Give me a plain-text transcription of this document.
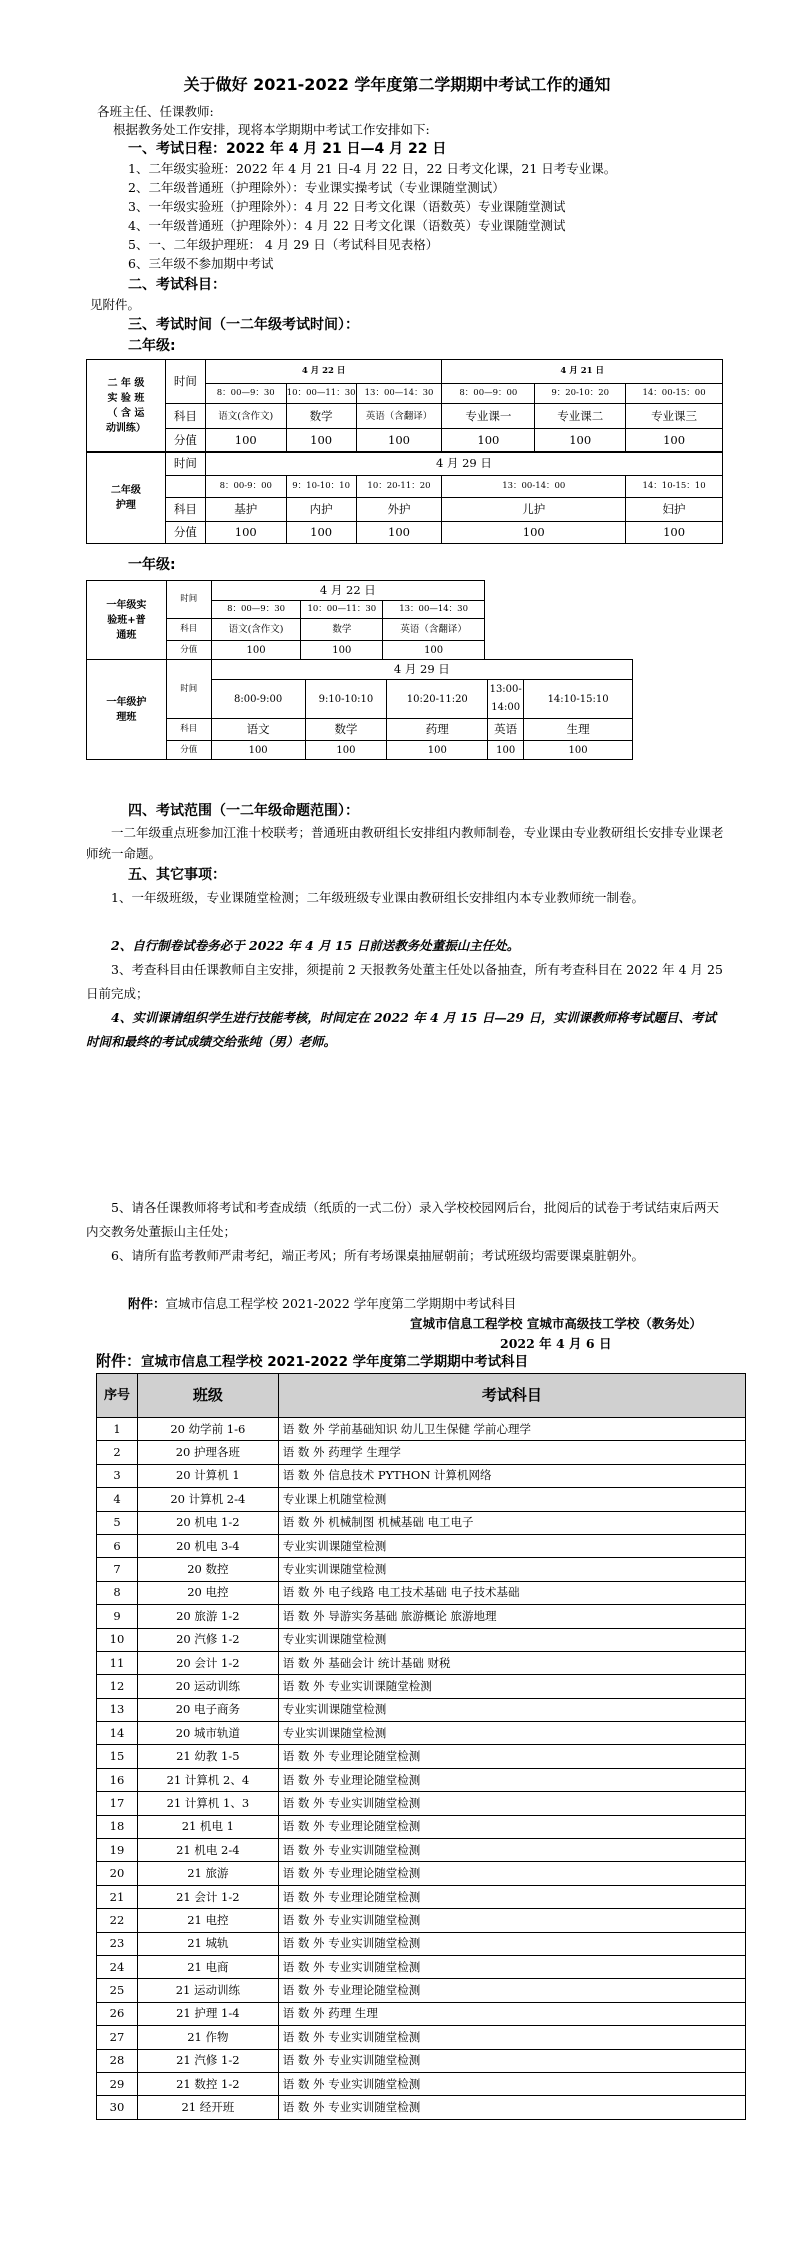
关于做好 2021-2022 学年度第二学期期中考试工作的通知
各班主任、任课教师:
根据教务处工作安排，现将本学期期中考试工作安排如下:
一、考试日程：2022 年 4 月 21 日—4 月 22 日
1、二年级实验班：2022 年 4 月 21 日-4 月 22 日，22 日考文化课，21 日考专业课。
2、二年级普通班（护理除外）：专业课实操考试（专业课随堂测试）
3、一年级实验班（护理除外）：4 月 22 日考文化课（语数英）专业课随堂测试
4、一年级普通班（护理除外）：4 月 22 日考文化课（语数英）专业课随堂测试
5、一、二年级护理班： 4 月 29 日（考试科目见表格）
6、三年级不参加期中考试
二、考试科目：
见附件。
三、考试时间（一二年级考试时间）：
二年级:
二 年 级
实 验 班
（ 含 运
动训练）	时间	4 月 22 日			4 月 21 日		
		8：00—9：30	10：00—11：30	13：00—14：30	8：00—9：00	9：20-10：20	14：00-15：00
	科目	语文(含作文)	数学	英语（含翻译）	专业课一	专业课二	专业课三
	分值	100	100	100	100	100	100
二年级
护理	时间	4 月 29 日				
		8：00-9：00	9：10-10：10	10：20-11：20	13：00-14：00	14：10-15：10
	科目	基护	内护	外护	儿护	妇护
	分值	100	100	100	100	100
一年级:
一年级实
验班+普
通班	时间	4 月 22 日		
		8：00—9：30	10：00—11：30	13：00—14：30
	科目	语文(含作文)	数学	英语（含翻译）
	分值	100	100	100
一年级护
理班	时间	4 月 29 日				
		8:00-9:00	9:10-10:10	10:20-11:20	13:00-14:00	14:10-15:10
	科目	语文	数学	药理	英语	生理
	分值	100	100	100	100	100
四、考试范围（一二年级命题范围）：
一二年级重点班参加江淮十校联考；普通班由教研组长安排组内教师制卷，专业课由专业教研组长安排专业课老师统一命题。
五、其它事项：
1、一年级班级，专业课随堂检测；二年级班级专业课由教研组长安排组内本专业教师统一制卷。
2、自行制卷试卷务必于 2022 年 4 月 15 日前送教务处董振山主任处。
3、考查科目由任课教师自主安排，须提前 2 天报教务处董主任处以备抽查，所有考查科目在 2022 年 4 月 25 日前完成；
4、实训课请组织学生进行技能考核，时间定在 2022 年 4 月 15 日—29 日，实训课教师将考试题目、考试时间和最终的考试成绩交给张纯（男）老师。
5、请各任课教师将考试和考查成绩（纸质的一式二份）录入学校校园网后台，批阅后的试卷于考试结束后两天内交教务处董振山主任处；
6、请所有监考教师严肃考纪，端正考风；所有考场课桌抽屉朝前；考试班级均需要课桌脏朝外。
附件：宣城市信息工程学校 2021-2022 学年度第二学期期中考试科目
宣城市信息工程学校 宣城市高级技工学校（教务处）
2022 年 4 月 6 日
附件：宣城市信息工程学校 2021-2022 学年度第二学期期中考试科目
序号	班级	考试科目
1	20 幼学前 1-6	语 数 外 学前基础知识 幼儿卫生保健 学前心理学
2	20 护理各班	语 数 外 药理学 生理学
3	20 计算机 1	语 数 外 信息技术 PYTHON 计算机网络
4	20 计算机 2-4	专业课上机随堂检测
5	20 机电 1-2	语 数 外 机械制图 机械基础 电工电子
6	20 机电 3-4	专业实训课随堂检测
7	20 数控	专业实训课随堂检测
8	20 电控	语 数 外 电子线路 电工技术基础 电子技术基础
9	20 旅游 1-2	语 数 外 导游实务基础 旅游概论 旅游地理
10	20 汽修 1-2	专业实训课随堂检测
11	20 会计 1-2	语 数 外 基础会计 统计基础 财税
12	20 运动训练	语 数 外 专业实训课随堂检测
13	20 电子商务	专业实训课随堂检测
14	20 城市轨道	专业实训课随堂检测
15	21 幼教 1-5	语 数 外 专业理论随堂检测
16	21 计算机 2、4	语 数 外 专业理论随堂检测
17	21 计算机 1、3	语 数 外 专业实训随堂检测
18	21 机电 1	语 数 外 专业理论随堂检测
19	21 机电 2-4	语 数 外 专业实训随堂检测
20	21 旅游	语 数 外 专业理论随堂检测
21	21 会计 1-2	语 数 外 专业理论随堂检测
22	21 电控	语 数 外 专业实训随堂检测
23	21 城轨	语 数 外 专业实训随堂检测
24	21 电商	语 数 外 专业实训随堂检测
25	21 运动训练	语 数 外 专业理论随堂检测
26	21 护理 1-4	语 数 外 药理 生理
27	21 作物	语 数 外 专业实训随堂检测
28	21 汽修 1-2	语 数 外 专业实训随堂检测
29	21 数控 1-2	语 数 外 专业实训随堂检测
30	21 经开班	语 数 外 专业实训随堂检测
